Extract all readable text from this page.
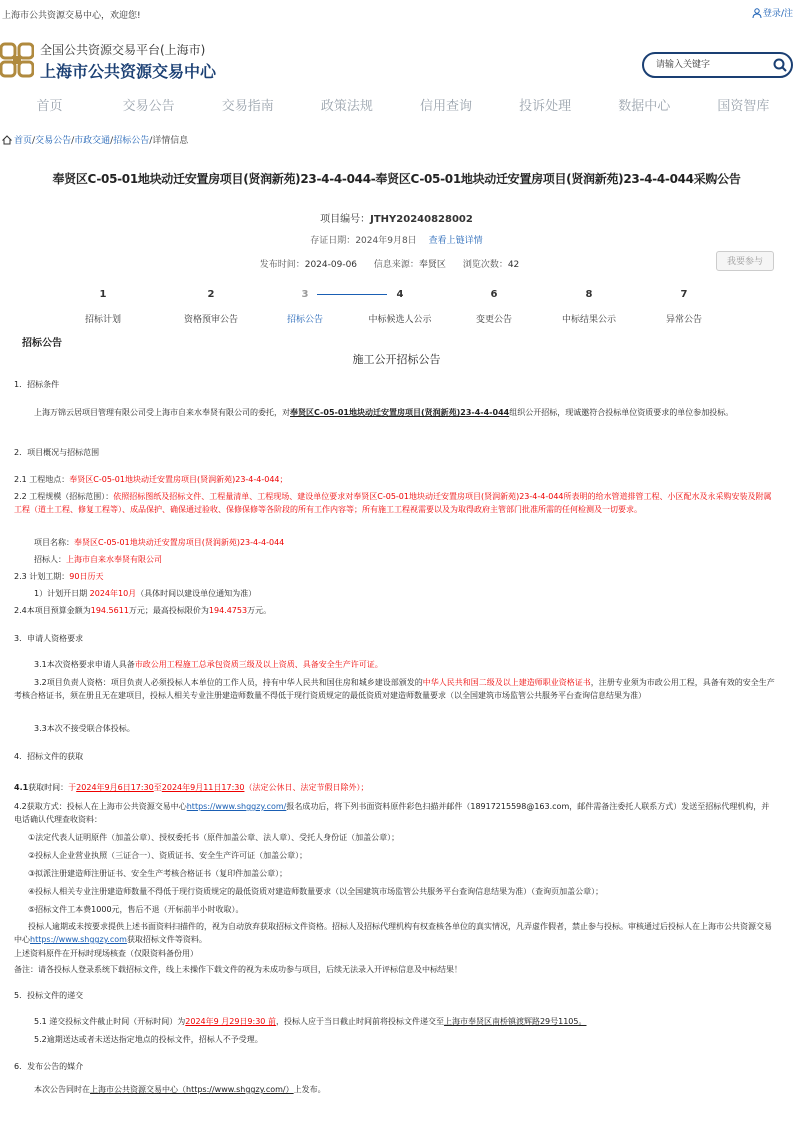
上海市公共资源交易中心，欢迎您!	登录/注
全国公共资源交易平台(上海市)
上海市公共资源交易中心
请输入关键字
首页	交易公告	交易指南	政策法规	信用查询	投诉处理	数据中心	国资智库
首页/交易公告/市政交通/招标公告/详情信息
奉贤区C-05-01地块动迁安置房项目(贤润新苑)23-4-4-044-奉贤区C-05-01地块动迁安置房项目(贤润新苑)23-4-4-044采购公告
项目编号：JTHY20240828002
存证日期：2024年9月8日 查看上链详情
发布时间：2024-09-06 信息来源：奉贤区 浏览次数：42	我要参与
1
招标计划
2
资格预审公告
3
招标公告
4
中标候选人公示
6
变更公告
8
中标结果公示
7
异常公告
招标公告
施工公开招标公告

1．招标条件

上海万锦云居项目管理有限公司受上海市自来水奉贤有限公司的委托，对奉贤区C-05-01地块动迁安置房项目(贤润新苑)23-4-4-044组织公开招标，现诚邀符合投标单位资质要求的单位参加投标。

2．项目概况与招标范围

2.1 工程地点：奉贤区C-05-01地块动迁安置房项目(贤润新苑)23-4-4-044；

2.2 工程规模（招标范围）：依照招标图纸及招标文件、工程量清单、工程现场、建设单位要求对奉贤区C-05-01地块动迁安置房项目(贤润新苑)23-4-4-044所表明的给水管道排管工程、小区配水及永采购安装及附属工程（道土工程、修复工程等）、成品保护、确保通过验收、保修保修等各阶段的所有工作内容等；所有施工工程视需要以及为取得政府主管部门批准所需的任何检测及一切要求。

项目名称：奉贤区C-05-01地块动迁安置房项目(贤润新苑)23-4-4-044

招标人：上海市自来水奉贤有限公司

2.3 计划工期：90日历天

1）计划开日期 2024年10月（具体时间以建设单位通知为准）

2.4本项目预算金额为194.5611万元；最高投标限价为194.4753万元。

3．申请人资格要求

3.1本次资格要求申请人具备市政公用工程施工总承包资质三级及以上资质、具备安全生产许可证。

3.2项目负责人资格：项目负责人必须投标人本单位的工作人员，持有中华人民共和国住房和城乡建设部颁发的中华人民共和国二级及以上建造师职业资格证书，注册专业须为市政公用工程，具备有效的安全生产考核合格证书，须在册且无在建项目，投标人相关专业注册建造师数量不得低于现行资质规定的最低资质对建造师数量要求（以全国建筑市场监管公共服务平台查询信息结果为准）

3.3本次不接受联合体投标。

4．招标文件的获取

4.1获取时间：于2024年9月6日17:30至2024年9月11日17:30（法定公休日、法定节假日除外）；

4.2获取方式：投标人在上海市公共资源交易中心https://www.shggzy.com/报名成功后，将下列书面资料原件彩色扫描并邮件（18917215598@163.com，邮件需备注委托人联系方式）发送至招标代理机构，并电话确认代理查收资料：

①法定代表人证明原件（加盖公章）、授权委托书（原件加盖公章、法人章）、受托人身份证（加盖公章）；

②投标人企业营业执照（三证合一）、资质证书、安全生产许可证（加盖公章）；

③拟派注册建造师注册证书、安全生产考核合格证书（复印件加盖公章）；

④投标人相关专业注册建造师数量不得低于现行资质规定的最低资质对建造师数量要求（以全国建筑市场监管公共服务平台查询信息结果为准）（查询页加盖公章）；

⑤招标文件工本费1000元，售后不退（开标前半小时收取）。

投标人逾期或未按要求提供上述书面资料扫描件的，视为自动放弃获取招标文件资格。招标人及招标代理机构有权查核各单位的真实情况，凡弄虚作假者，禁止参与投标。审核通过后投标人在上海市公共资源交易中心https://www.shggzy.com获取招标文件等资料。

上述资料原件在开标时现场核查（仅限资料备份用）

备注：请各投标人登录系统下载招标文件，线上未操作下载文件的视为未成功参与项目，后续无法录入开评标信息及中标结果！

5．投标文件的递交

5.1 递交投标文件截止时间（开标时间）为2024年9 月29日9:30 前，投标人应于当日截止时间前将投标文件递交至上海市奉贤区南桥镇渡辉路29号1105。

5.2逾期送达或者未送达指定地点的投标文件，招标人不予受理。

6．发布公告的媒介

本次公告同时在上海市公共资源交易中心（https://www.shggzy.com/）上发布。
